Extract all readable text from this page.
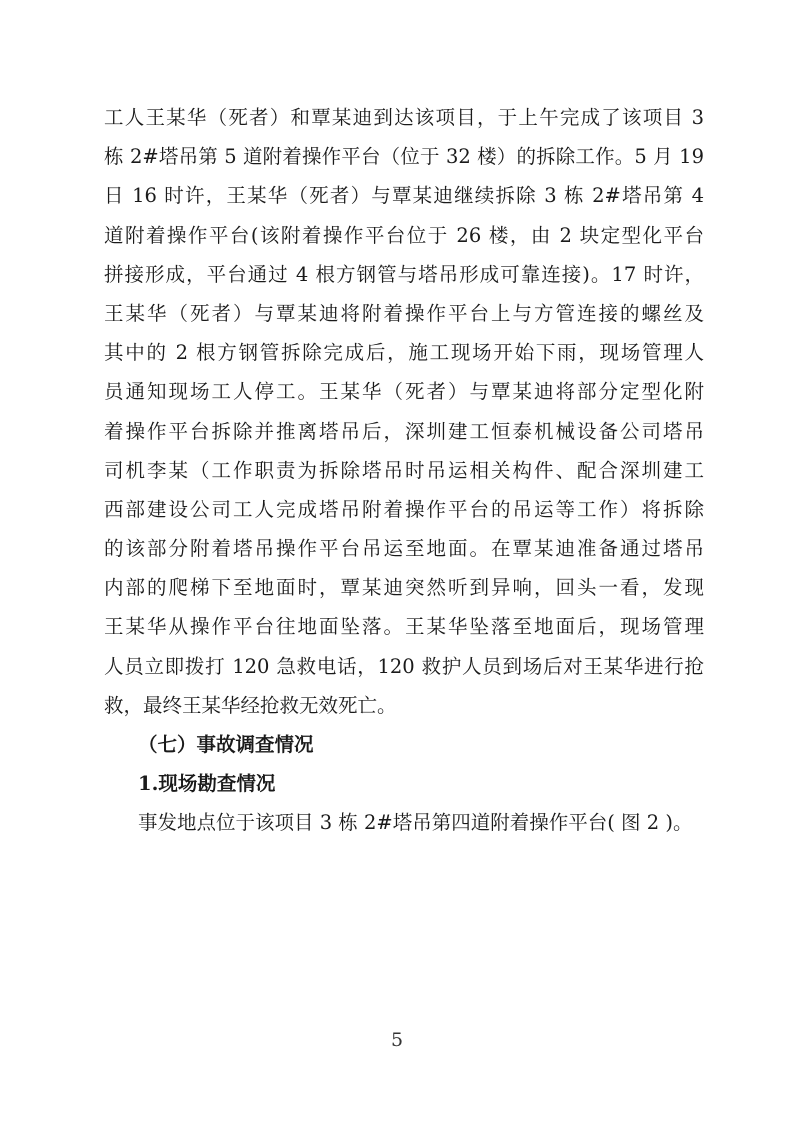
工人王某华（死者）和覃某迪到达该项目，于上午完成了该项目 3
栋 2#塔吊第 5 道附着操作平台（位于 32 楼）的拆除工作。5 月 19
日 16 时许，王某华（死者）与覃某迪继续拆除 3 栋 2#塔吊第 4
道附着操作平台(该附着操作平台位于 26 楼，由 2 块定型化平台
拼接形成，平台通过 4 根方钢管与塔吊形成可靠连接)。17 时许，
王某华（死者）与覃某迪将附着操作平台上与方管连接的螺丝及
其中的 2 根方钢管拆除完成后，施工现场开始下雨，现场管理人
员通知现场工人停工。王某华（死者）与覃某迪将部分定型化附
着操作平台拆除并推离塔吊后，深圳建工恒泰机械设备公司塔吊
司机李某（工作职责为拆除塔吊时吊运相关构件、配合深圳建工
西部建设公司工人完成塔吊附着操作平台的吊运等工作）将拆除
的该部分附着塔吊操作平台吊运至地面。在覃某迪准备通过塔吊
内部的爬梯下至地面时，覃某迪突然听到异响，回头一看，发现
王某华从操作平台往地面坠落。王某华坠落至地面后，现场管理
人员立即拨打 120 急救电话，120 救护人员到场后对王某华进行抢
救，最终王某华经抢救无效死亡。
（七）事故调查情况
1.现场勘查情况
事发地点位于该项目 3 栋 2#塔吊第四道附着操作平台( 图 2 )。
5
